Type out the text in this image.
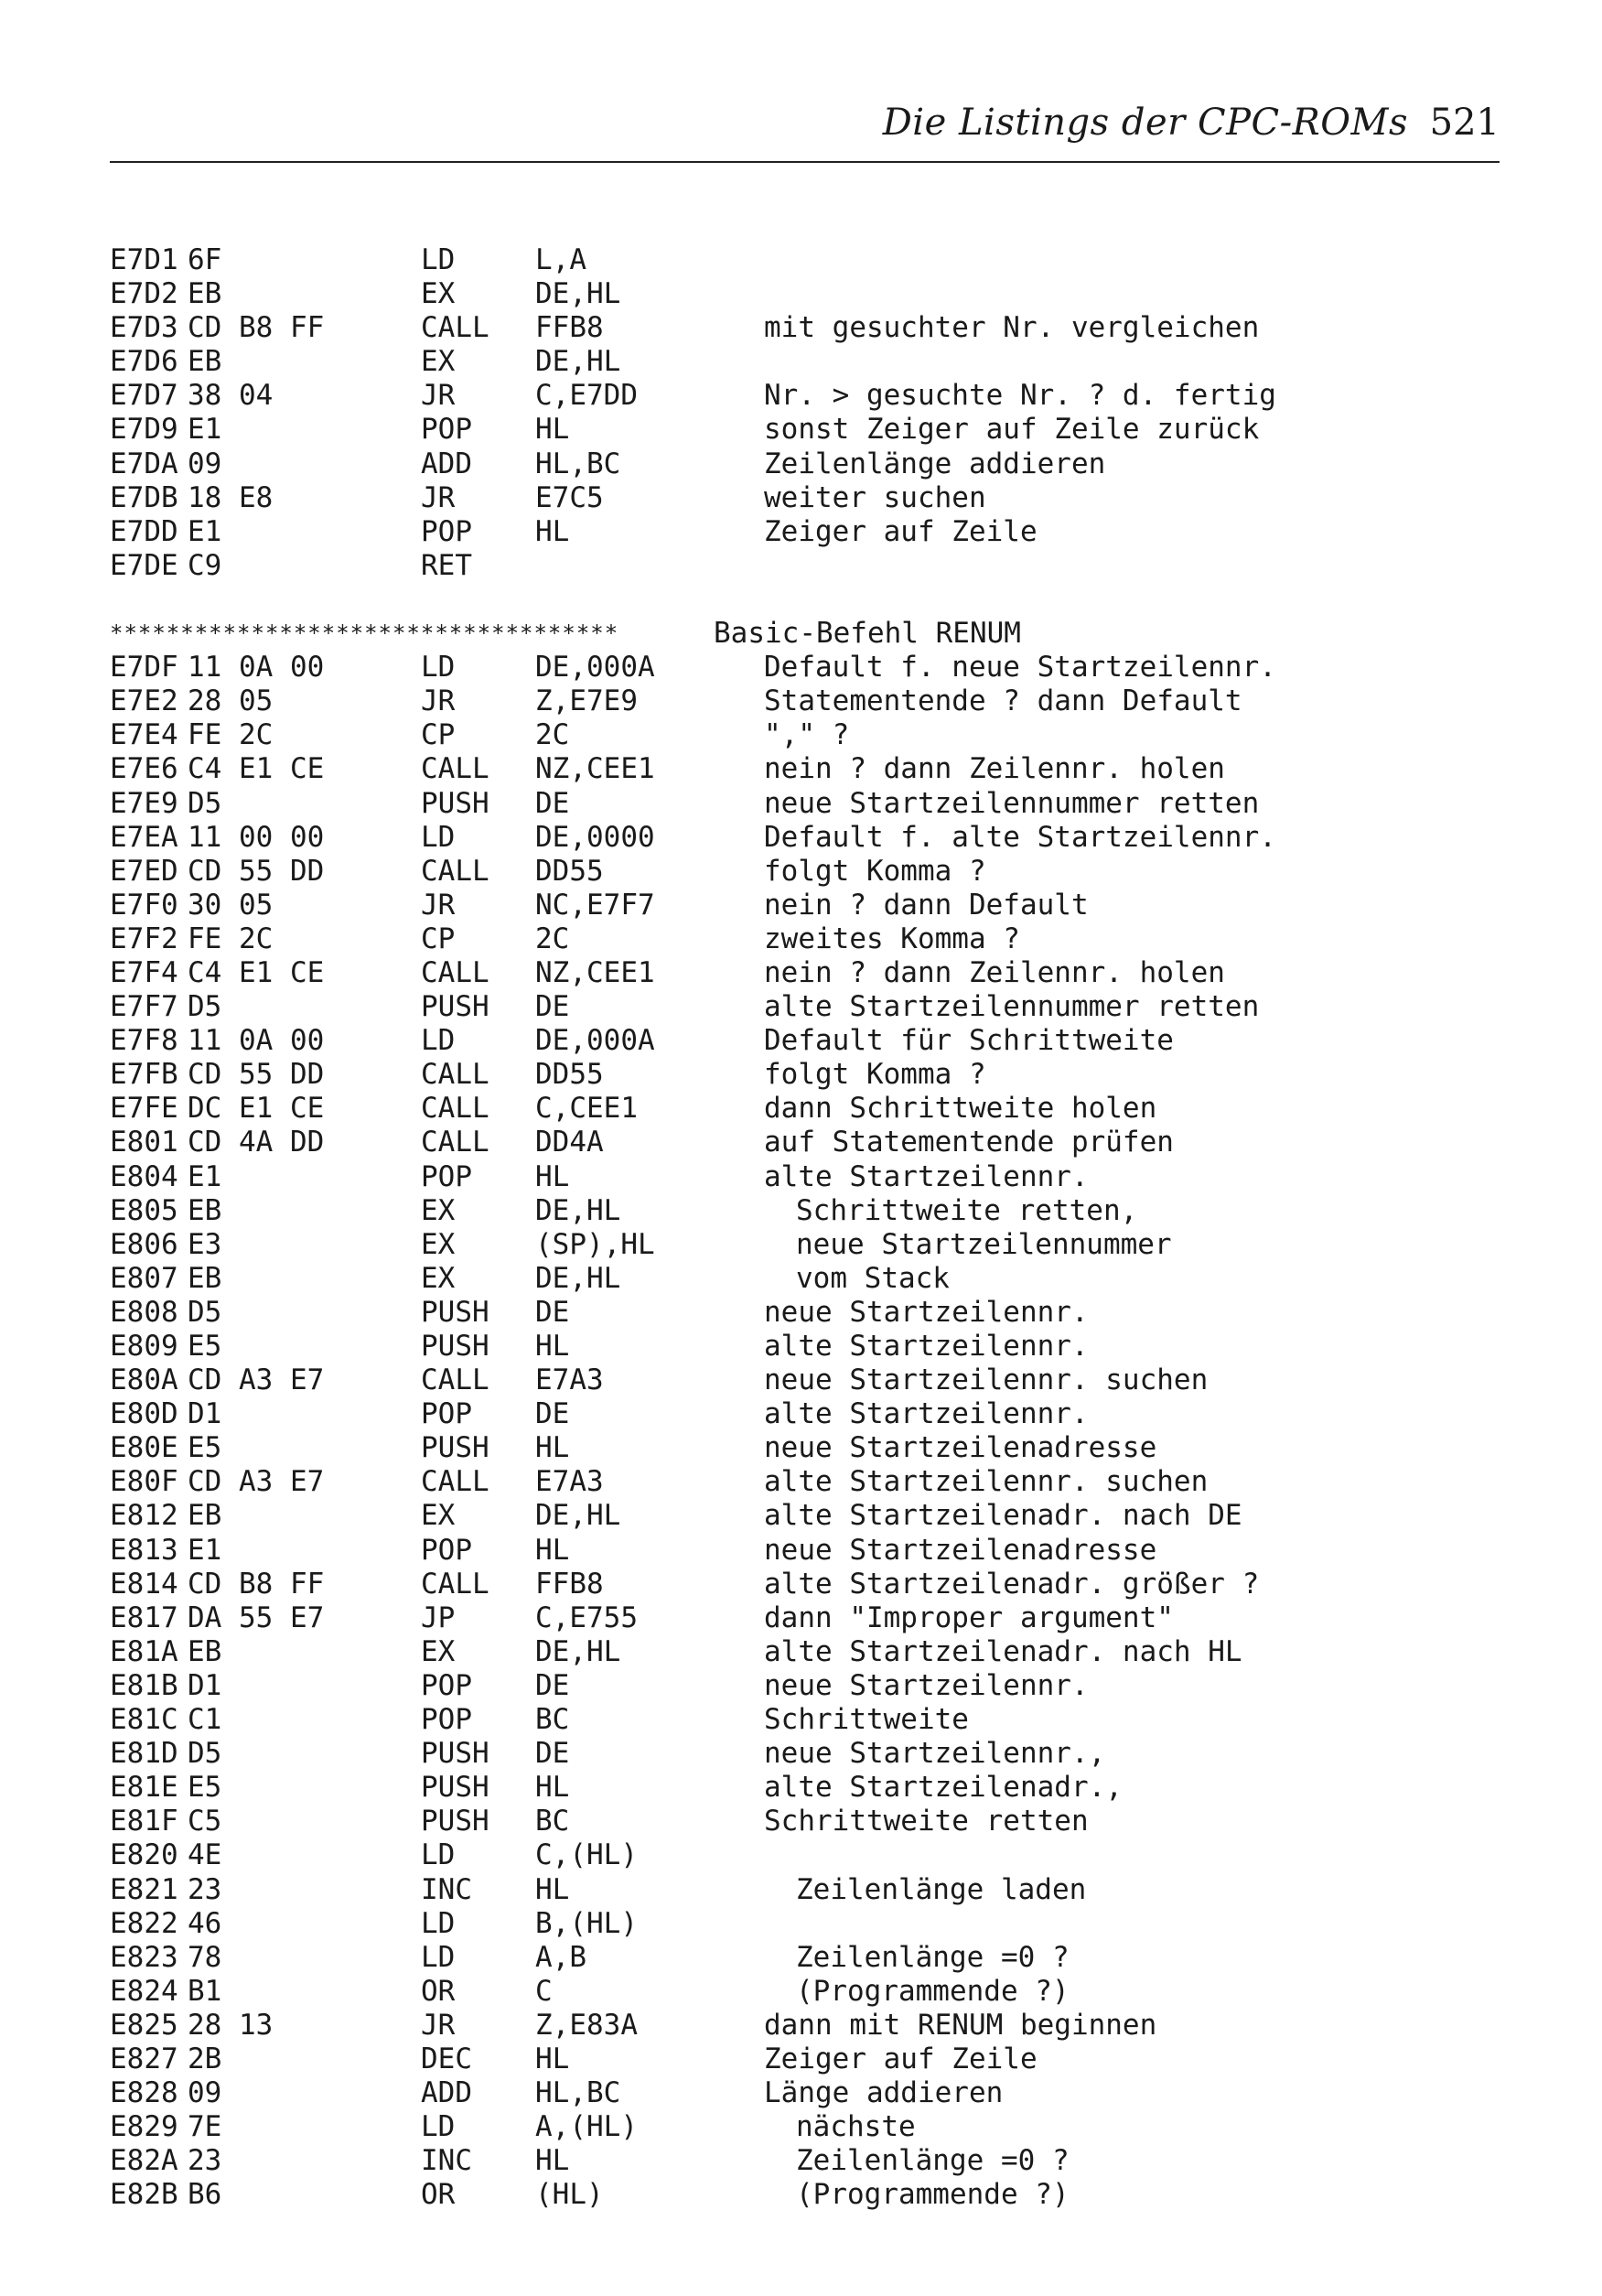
Die Listings der CPC-ROMs 521
E7D1 6F	LD	L,A
E7D2 EB	EX	DE,HL
E7D3 CD B8 FF	CALL FFB8	mit gesuchter Nr. vergleichen
E7D6 EB	EX	DE,HL
E7D7 38 04	JR	C,E7DD	Nr. > gesuchte Nr. ? d. fertig
E7D9 E1	POP HL	sonst Zeiger auf Zeile zurück
E7DA 09	ADD HL,BC	Zeilenlänge addieren
E7DB 18 E8	JR	E7C5	weiter suchen
E7DD E1	POP HL	Zeiger auf Zeile
E7DE C9	RET
************************************	Basic-Befehl RENUM
E7DF 11 0A 00	LD	DE,000A	Default f. neue Startzeilennr.
E7E2 28 05	JR	Z,E7E9	Statementende ? dann Default
E7E4 FE 2C	CP	2C	"," ?
E7E6 C4 E1 CE	CALL NZ,CEE1	nein ? dann Zeilennr. holen
E7E9 D5	PUSH DE	neue Startzeilennummer retten
E7EA 11 00 00	LD	DE,0000	Default f. alte Startzeilennr.
E7ED CD 55 DD	CALL DD55	folgt Komma ?
E7F0 30 05	JR	NC,E7F7	nein ? dann Default
E7F2 FE 2C	CP	2C	zweites Komma ?
E7F4 C4 E1 CE	CALL NZ,CEE1	nein ? dann Zeilennr. holen
E7F7 D5	PUSH DE	alte Startzeilennummer retten
E7F8 11 0A 00	LD	DE,000A	Default für Schrittweite
E7FB CD 55 DD	CALL DD55	folgt Komma ?
E7FE DC E1 CE	CALL C,CEE1	dann Schrittweite holen
E801 CD 4A DD	CALL DD4A	auf Statementende prüfen
E804 E1	POP HL	alte Startzeilennr.
E805 EB	EX	DE,HL	Schrittweite retten,
E806 E3	EX	(SP),HL	neue Startzeilennummer
E807 EB	EX	DE,HL	vom Stack
E808 D5	PUSH DE	neue Startzeilennr.
E809 E5	PUSH HL	alte Startzeilennr.
E80A CD A3 E7	CALL E7A3	neue Startzeilennr. suchen
E80D D1	POP DE	alte Startzeilennr.
E80E E5	PUSH HL	neue Startzeilenadresse
E80F CD A3 E7	CALL E7A3	alte Startzeilennr. suchen
E812 EB	EX	DE,HL	alte Startzeilenadr. nach DE
E813 E1	POP HL	neue Startzeilenadresse
E814 CD B8 FF	CALL FFB8	alte Startzeilenadr. größer ?
E817 DA 55 E7	JP	C,E755	dann "Improper argument"
E81A EB	EX	DE,HL	alte Startzeilenadr. nach HL
E81B D1	POP DE	neue Startzeilennr.
E81C C1	POP BC	Schrittweite
E81D D5	PUSH DE	neue Startzeilennr.,
E81E E5	PUSH HL	alte Startzeilenadr.,
E81F C5	PUSH BC	Schrittweite retten
E820 4E	LD	C,(HL)
E821 23	INC HL	Zeilenlänge laden
E822 46	LD	B,(HL)
E823 78	LD	A,B	Zeilenlänge =0 ?
E824 B1	OR	C	(Programmende ?)
E825 28 13	JR	Z,E83A	dann mit RENUM beginnen
E827 2B	DEC HL	Zeiger auf Zeile
E828 09	ADD HL,BC	Länge addieren
E829 7E	LD	A,(HL)	nächste
E82A 23	INC HL	Zeilenlänge =0 ?
E82B B6	OR	(HL)	(Programmende ?)
